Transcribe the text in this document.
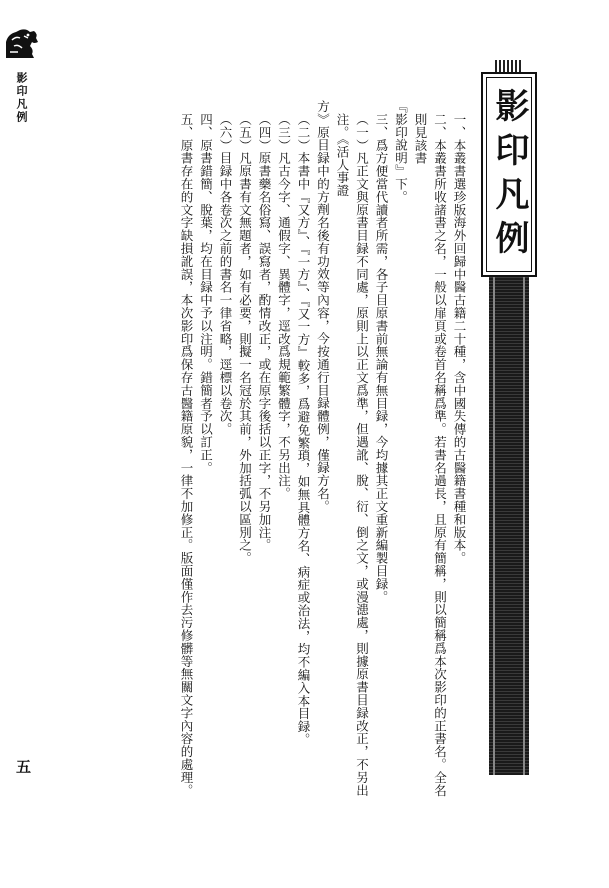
影印凡例
五
影印凡例

一、本叢書選珍版海外回歸中醫古籍二十種，含中國失傳的古醫籍書種和版本。

二、本叢書所收諸書之名，一般以扉頁或卷首名稱爲準。若書名過長，且原有簡稱，則以簡稱爲本次影印的正書名。全名則見該書

『影印說明』下。

三、爲方便當代讀者所需，各子目原書前無論有無目録，今均據其正文重新編製目録。

（一）凡正文與原書目録不同處，原則上以正文爲準，但遇訛、脫、衍、倒之文，或漫漶處，則據原書目録改正，不另出注。《活人事證

方》原目録中的方劑名後有功效等內容，今按通行目録體例，僅録方名。

（二）本書中『又方』、『一方』、『又一方』較多，爲避免繁瑣，如無具體方名、病症或治法，均不編入本目録。

（三）凡古今字、通假字、異體字，逕改爲規範繁體字，不另出注。

（四）原書藥名俗寫、誤寫者，酌情改正，或在原字後括以正字，不另加注。

（五）凡原書有文無題者，如有必要，則擬一名冠於其前，外加括弧以區別之。

（六）目録中各卷次之前的書名一律省略，逕標以卷次。

四、原書錯簡、脫葉，均在目録中予以注明。錯簡者予以訂正。

五、原書存在的文字缺損訛誤，本次影印爲保存古醫籍原貌，一律不加修正。版面僅作去污修髒等無關文字內容的處理。
